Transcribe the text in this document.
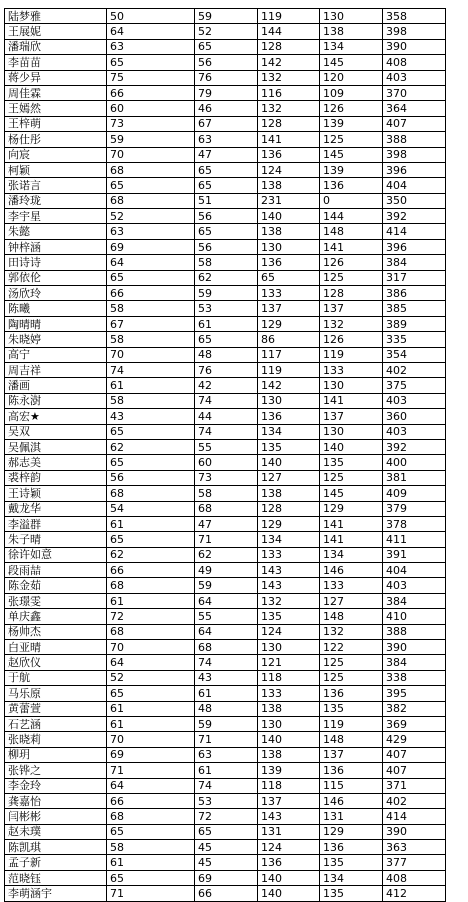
陆梦雅	50	59	119	130	358
王展妮	64	52	144	138	398
潘瑞欣	63	65	128	134	390
李苗苗	65	56	142	145	408
蒋少异	75	76	132	120	403
周佳霖	66	79	116	109	370
王嫣然	60	46	132	126	364
王梓萌	73	67	128	139	407
杨仕彤	59	63	141	125	388
向宸	70	47	136	145	398
柯颖	68	65	124	139	396
张诺言	65	65	138	136	404
潘玲珑	68	51	231	0	350
李宇星	52	56	140	144	392
朱懿	63	65	138	148	414
钟梓涵	69	56	130	141	396
田诗诗	64	58	136	126	384
郭依伦	65	62	65	125	317
汤欣玲	66	59	133	128	386
陈曦	58	53	137	137	385
陶晴晴	67	61	129	132	389
朱晓婷	58	65	86	126	335
高宁	70	48	117	119	354
周吉祥	74	76	119	133	402
潘画	61	42	142	130	375
陈永澍	58	74	130	141	403
高宏★	43	44	136	137	360
吴双	65	74	134	130	403
吴佩淇	62	55	135	140	392
郝志美	65	60	140	135	400
裘梓韵	56	73	127	125	381
王诗颖	68	58	138	145	409
戴龙华	54	68	128	129	379
李溢群	61	47	129	141	378
朱子晴	65	71	134	141	411
徐许如意	62	62	133	134	391
段雨喆	66	49	143	146	404
陈金茹	68	59	143	133	403
张璟雯	61	64	132	127	384
单庆鑫	72	55	135	148	410
杨帅杰	68	64	124	132	388
白亚晴	70	68	130	122	390
赵欣仪	64	74	121	125	384
于航	52	43	118	125	338
马乐原	65	61	133	136	395
黄蕾萱	61	48	138	135	382
石艺涵	61	59	130	119	369
张晓莉	70	71	140	148	429
柳玥	69	63	138	137	407
张铧之	71	61	139	136	407
李金玲	64	74	118	115	371
龚嘉怡	66	53	137	146	402
闫彬彬	68	72	143	131	414
赵未璞	65	65	131	129	390
陈凯琪	58	45	124	136	363
孟子新	61	45	136	135	377
范晓钰	65	69	140	134	408
李萌涵宇	71	66	140	135	412
